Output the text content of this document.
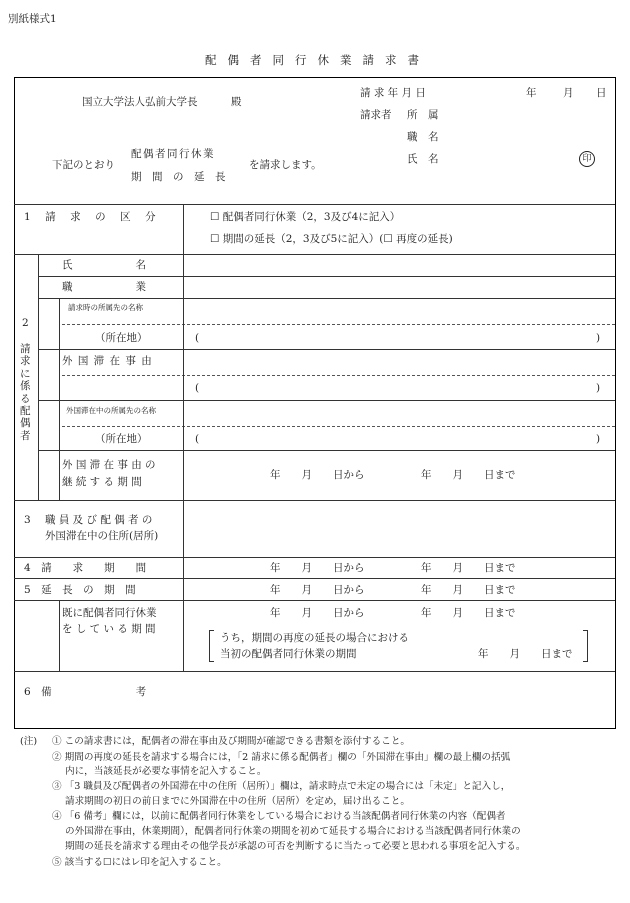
別紙様式1
配偶者同行休業請求書
国立大学法人弘前大学長	殿
請 求 年 月 日	年	月 日
請求者 所　属
職　名
氏　名	印
下記のとおり
配偶者同行休業
期　間　の　延　長
を請求します。
1　請　求　の　区　分	☐ 配偶者同行休業（2，3及び4に記入）
☐ 期間の延長（2，3及び5に記入）(☐ 再度の延長)
2
請求に係る配偶者
氏　　　　　　名
職　　　　　　業
請求時の所属先の名称
（所在地）	(	)
外 国 滞 在 事 由
(	)
外国滞在中の所属先の名称
（所在地）	(	)
外 国 滞 在 事 由 の
継 続 す る 期 間
年　　月　　日から	年　　月　　日まで
3 職 員 及 び 配 偶 者 の
外国滞在中の住所(居所)
4　請　　求　　期　　間	年　　月　　日から	年　　月　　日まで
5　延　長　の　期　間	年　　月　　日から	年　　月　　日まで
既に配偶者同行休業
を し て い る 期 間
年　　月　　日から	年　　月　　日まで
うち，期間の再度の延長の場合における
当初の配偶者同行休業の期間	年　　月　　日まで
6　備　　　　　　　　考
(注) ① この請求書には，配偶者の滞在事由及び期間が確認できる書類を添付すること。
② 期間の再度の延長を請求する場合には，「2 請求に係る配偶者」欄の「外国滞在事由」欄の最上欄の括弧
内に，当該延長が必要な事情を記入すること。
③ 「3 職員及び配偶者の外国滞在中の住所（居所）」欄は，請求時点で未定の場合には「未定」と記入し，
請求期間の初日の前日までに外国滞在中の住所（居所）を定め，届け出ること。
④ 「6 備考」欄には，以前に配偶者同行休業をしている場合における当該配偶者同行休業の内容（配偶者
の外国滞在事由，休業期間），配偶者同行休業の期間を初めて延長する場合における当該配偶者同行休業の
期間の延長を請求する理由その他学長が承認の可否を判断するに当たって必要と思われる事項を記入する。
⑤ 該当する☐にはレ印を記入すること。
